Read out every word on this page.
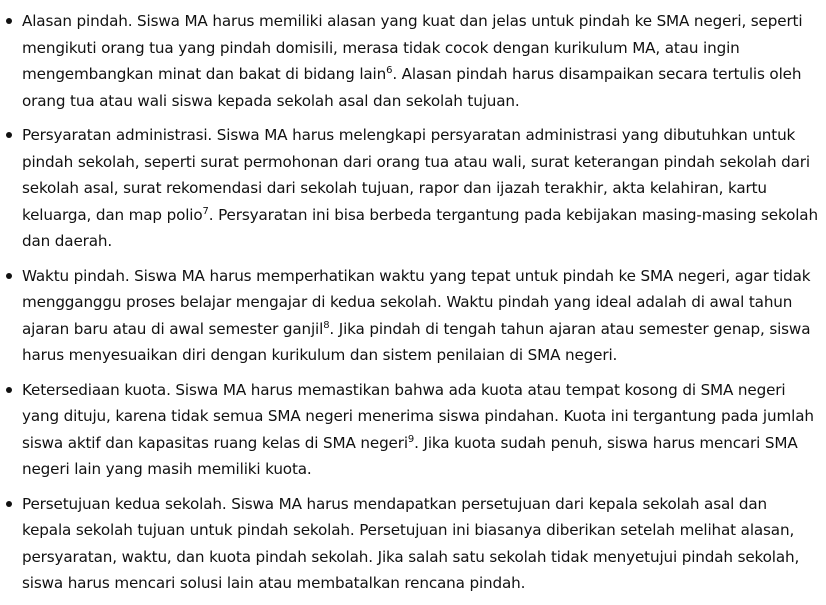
Alasan pindah. Siswa MA harus memiliki alasan yang kuat dan jelas untuk pindah ke SMA negeri, seperti mengikuti orang tua yang pindah domisili, merasa tidak cocok dengan kurikulum MA, atau ingin mengembangkan minat dan bakat di bidang lain$^6$. Alasan pindah harus disampaikan secara tertulis oleh orang tua atau wali siswa kepada sekolah asal dan sekolah tujuan.
Persyaratan administrasi. Siswa MA harus melengkapi persyaratan administrasi yang dibutuhkan untuk pindah sekolah, seperti surat permohonan dari orang tua atau wali, surat keterangan pindah sekolah dari sekolah asal, surat rekomendasi dari sekolah tujuan, rapor dan ijazah terakhir, akta kelahiran, kartu keluarga, dan map polio$^7$. Persyaratan ini bisa berbeda tergantung pada kebijakan masing-masing sekolah dan daerah.
Waktu pindah. Siswa MA harus memperhatikan waktu yang tepat untuk pindah ke SMA negeri, agar tidak mengganggu proses belajar mengajar di kedua sekolah. Waktu pindah yang ideal adalah di awal tahun ajaran baru atau di awal semester ganjil$^8$. Jika pindah di tengah tahun ajaran atau semester genap, siswa harus menyesuaikan diri dengan kurikulum dan sistem penilaian di SMA negeri.
Ketersediaan kuota. Siswa MA harus memastikan bahwa ada kuota atau tempat kosong di SMA negeri yang dituju, karena tidak semua SMA negeri menerima siswa pindahan. Kuota ini tergantung pada jumlah siswa aktif dan kapasitas ruang kelas di SMA negeri$^9$. Jika kuota sudah penuh, siswa harus mencari SMA negeri lain yang masih memiliki kuota.
Persetujuan kedua sekolah. Siswa MA harus mendapatkan persetujuan dari kepala sekolah asal dan kepala sekolah tujuan untuk pindah sekolah. Persetujuan ini biasanya diberikan setelah melihat alasan, persyaratan, waktu, dan kuota pindah sekolah. Jika salah satu sekolah tidak menyetujui pindah sekolah, siswa harus mencari solusi lain atau membatalkan rencana pindah.
